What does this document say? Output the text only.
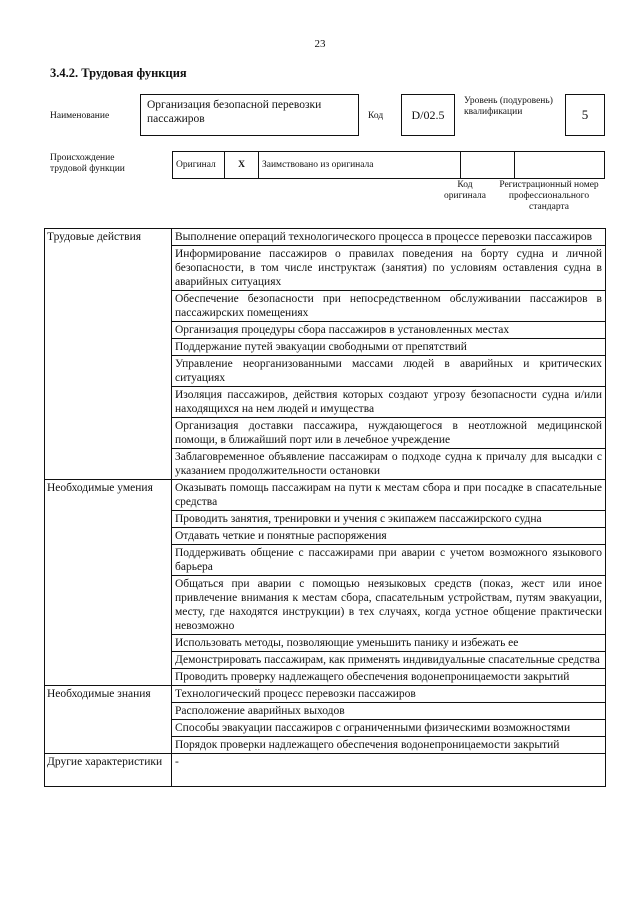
23
3.4.2. Трудовая функция
Наименование
Организация безопасной перевозки пассажиров	Код D/02.5
Уровень (подуровень) квалификации	5
Происхождение трудовой функции	Оригинал X Заимствовано из оригинала
Код оригинала
Регистрационный номер профессионального стандарта
Трудовые действия	Выполнение операций технологического процесса в процессе перевозки пассажиров
	Информирование пассажиров о правилах поведения на борту судна и личной безопасности, в том числе инструктаж (занятия) по условиям оставления судна в аварийных ситуациях
	Обеспечение безопасности при непосредственном обслуживании пассажиров в пассажирских помещениях
	Организация процедуры сбора пассажиров в установленных местах
	Поддержание путей эвакуации свободными от препятствий
	Управление неорганизованными массами людей в аварийных и критических ситуациях
	Изоляция пассажиров, действия которых создают угрозу безопасности судна и/или находящихся на нем людей и имущества
	Организация доставки пассажира, нуждающегося в неотложной медицинской помощи, в ближайший порт или в лечебное учреждение
	Заблаговременное объявление пассажирам о подходе судна к причалу для высадки с указанием продолжительности остановки
Необходимые умения	Оказывать помощь пассажирам на пути к местам сбора и при посадке в спасательные средства
	Проводить занятия, тренировки и учения с экипажем пассажирского судна
	Отдавать четкие и понятные распоряжения
	Поддерживать общение с пассажирами при аварии с учетом возможного языкового барьера
	Общаться при аварии с помощью неязыковых средств (показ, жест или иное привлечение внимания к местам сбора, спасательным устройствам, путям эвакуации, месту, где находятся инструкции) в тех случаях, когда устное общение практически невозможно
	Использовать методы, позволяющие уменьшить панику и избежать ее
	Демонстрировать пассажирам, как применять индивидуальные спасательные средства
	Проводить проверку надлежащего обеспечения водонепроницаемости закрытий
Необходимые знания	Технологический процесс перевозки пассажиров
	Расположение аварийных выходов
	Способы эвакуации пассажиров с ограниченными физическими возможностями
	Порядок проверки надлежащего обеспечения водонепроницаемости закрытий
Другие характеристики	-
